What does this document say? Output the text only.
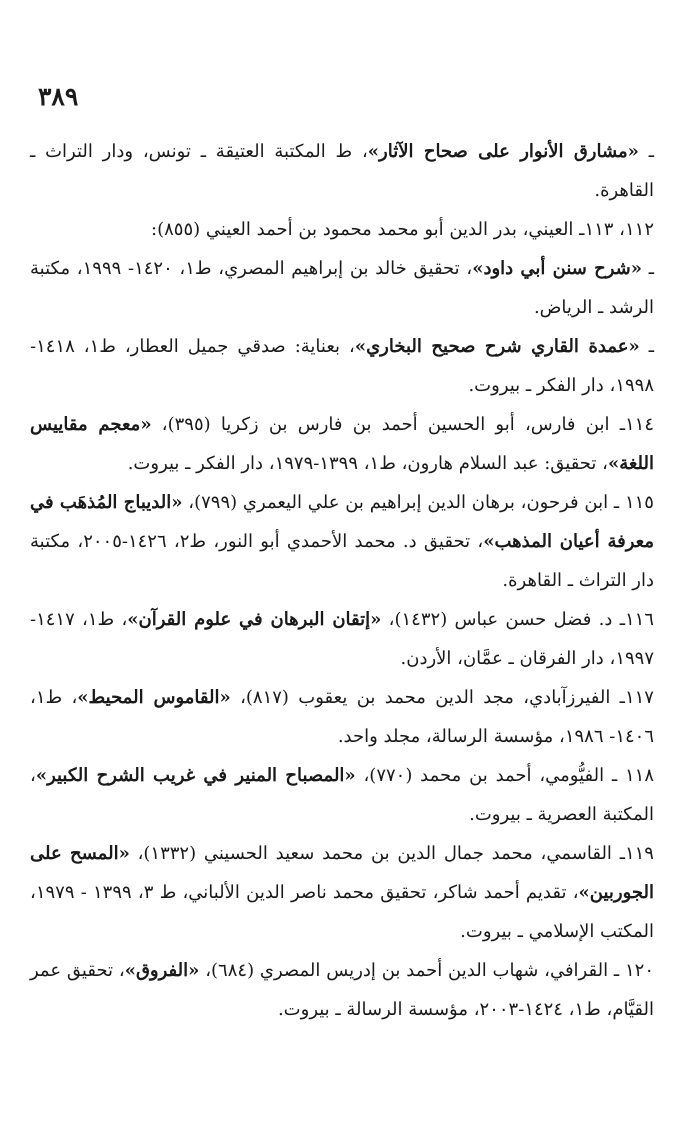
٣٨٩

ـ «مشارق الأنوار على صحاح الآثار»، ط المكتبة العتيقة ـ تونس، ودار التراث ـ القاهرة.

١١٢، ١١٣ـ العيني، بدر الدين أبو محمد محمود بن أحمد العيني (٨٥٥):

ـ «شرح سنن أبي داود»، تحقيق خالد بن إبراهيم المصري، ط١، ١٤٢٠- ١٩٩٩، مكتبة الرشد ـ الرياض.

ـ «عمدة القاري شرح صحيح البخاري»، بعناية: صدقي جميل العطار، ط١، ١٤١٨- ١٩٩٨، دار الفكر ـ بيروت.

١١٤ـ ابن فارس، أبو الحسين أحمد بن فارس بن زكريا (٣٩٥)، «معجم مقاييس اللغة»، تحقيق: عبد السلام هارون، ط١، ١٣٩٩-١٩٧٩، دار الفكر ـ بيروت.

١١٥ ـ ابن فرحون، برهان الدين إبراهيم بن علي اليعمري (٧٩٩)، «الديباج المُذهَب في معرفة أعيان المذهب»، تحقيق د. محمد الأحمدي أبو النور، ط٢، ١٤٢٦-٢٠٠٥، مكتبة دار التراث ـ القاهرة.

١١٦ـ د. فضل حسن عباس (١٤٣٢)، «إتقان البرهان في علوم القرآن»، ط١، ١٤١٧- ١٩٩٧، دار الفرقان ـ عمَّان، الأردن.

١١٧ـ الفيرزآبادي، مجد الدين محمد بن يعقوب (٨١٧)، «القاموس المحيط»، ط١، ١٤٠٦- ١٩٨٦، مؤسسة الرسالة، مجلد واحد.

١١٨ ـ الفيُّومي، أحمد بن محمد (٧٧٠)، «المصباح المنير في غريب الشرح الكبير»، المكتبة العصرية ـ بيروت.

١١٩ـ القاسمي، محمد جمال الدين بن محمد سعيد الحسيني (١٣٣٢)، «المسح على الجوربين»، تقديم أحمد شاكر، تحقيق محمد ناصر الدين الألباني، ط ٣، ١٣٩٩ - ١٩٧٩، المكتب الإسلامي ـ بيروت.

١٢٠ ـ القرافي، شهاب الدين أحمد بن إدريس المصري (٦٨٤)، «الفروق»، تحقيق عمر القيَّام، ط١، ١٤٢٤-٢٠٠٣، مؤسسة الرسالة ـ بيروت.
